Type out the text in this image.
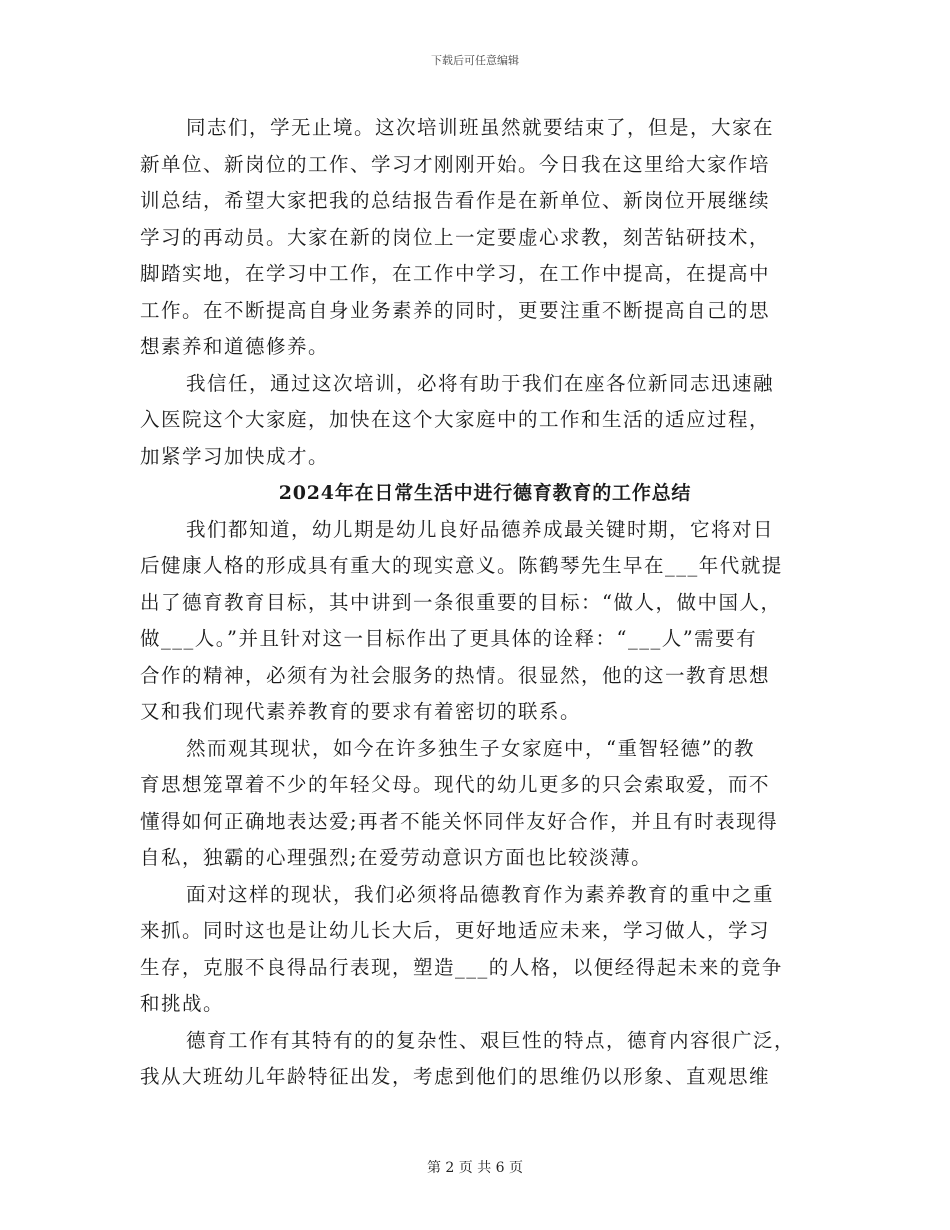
下载后可任意编辑
同志们，学无止境。这次培训班虽然就要结束了，但是，大家在
新单位、新岗位的工作、学习才刚刚开始。今日我在这里给大家作培
训总结，希望大家把我的总结报告看作是在新单位、新岗位开展继续
学习的再动员。大家在新的岗位上一定要虚心求教，刻苦钻研技术，
脚踏实地，在学习中工作，在工作中学习，在工作中提高，在提高中
工作。在不断提高自身业务素养的同时，更要注重不断提高自己的思
想素养和道德修养。
我信任，通过这次培训，必将有助于我们在座各位新同志迅速融
入医院这个大家庭，加快在这个大家庭中的工作和生活的适应过程，
加紧学习加快成才。
2024年在日常生活中进行德育教育的工作总结
我们都知道，幼儿期是幼儿良好品德养成最关键时期，它将对日
后健康人格的形成具有重大的现实意义。陈鹤琴先生早在___年代就提
出了德育教育目标，其中讲到一条很重要的目标：“做人，做中国人，
做___人。”并且针对这一目标作出了更具体的诠释：“___人”需要有
合作的精神，必须有为社会服务的热情。很显然，他的这一教育思想
又和我们现代素养教育的要求有着密切的联系。
然而观其现状，如今在许多独生子女家庭中，“重智轻德”的教
育思想笼罩着不少的年轻父母。现代的幼儿更多的只会索取爱，而不
懂得如何正确地表达爱;再者不能关怀同伴友好合作，并且有时表现得
自私，独霸的心理强烈;在爱劳动意识方面也比较淡薄。
面对这样的现状，我们必须将品德教育作为素养教育的重中之重
来抓。同时这也是让幼儿长大后，更好地适应未来，学习做人，学习
生存，克服不良得品行表现，塑造___的人格，以便经得起未来的竞争
和挑战。
德育工作有其特有的的复杂性、艰巨性的特点，德育内容很广泛，
我从大班幼儿年龄特征出发，考虑到他们的思维仍以形象、直观思维
第 2 页 共 6 页
